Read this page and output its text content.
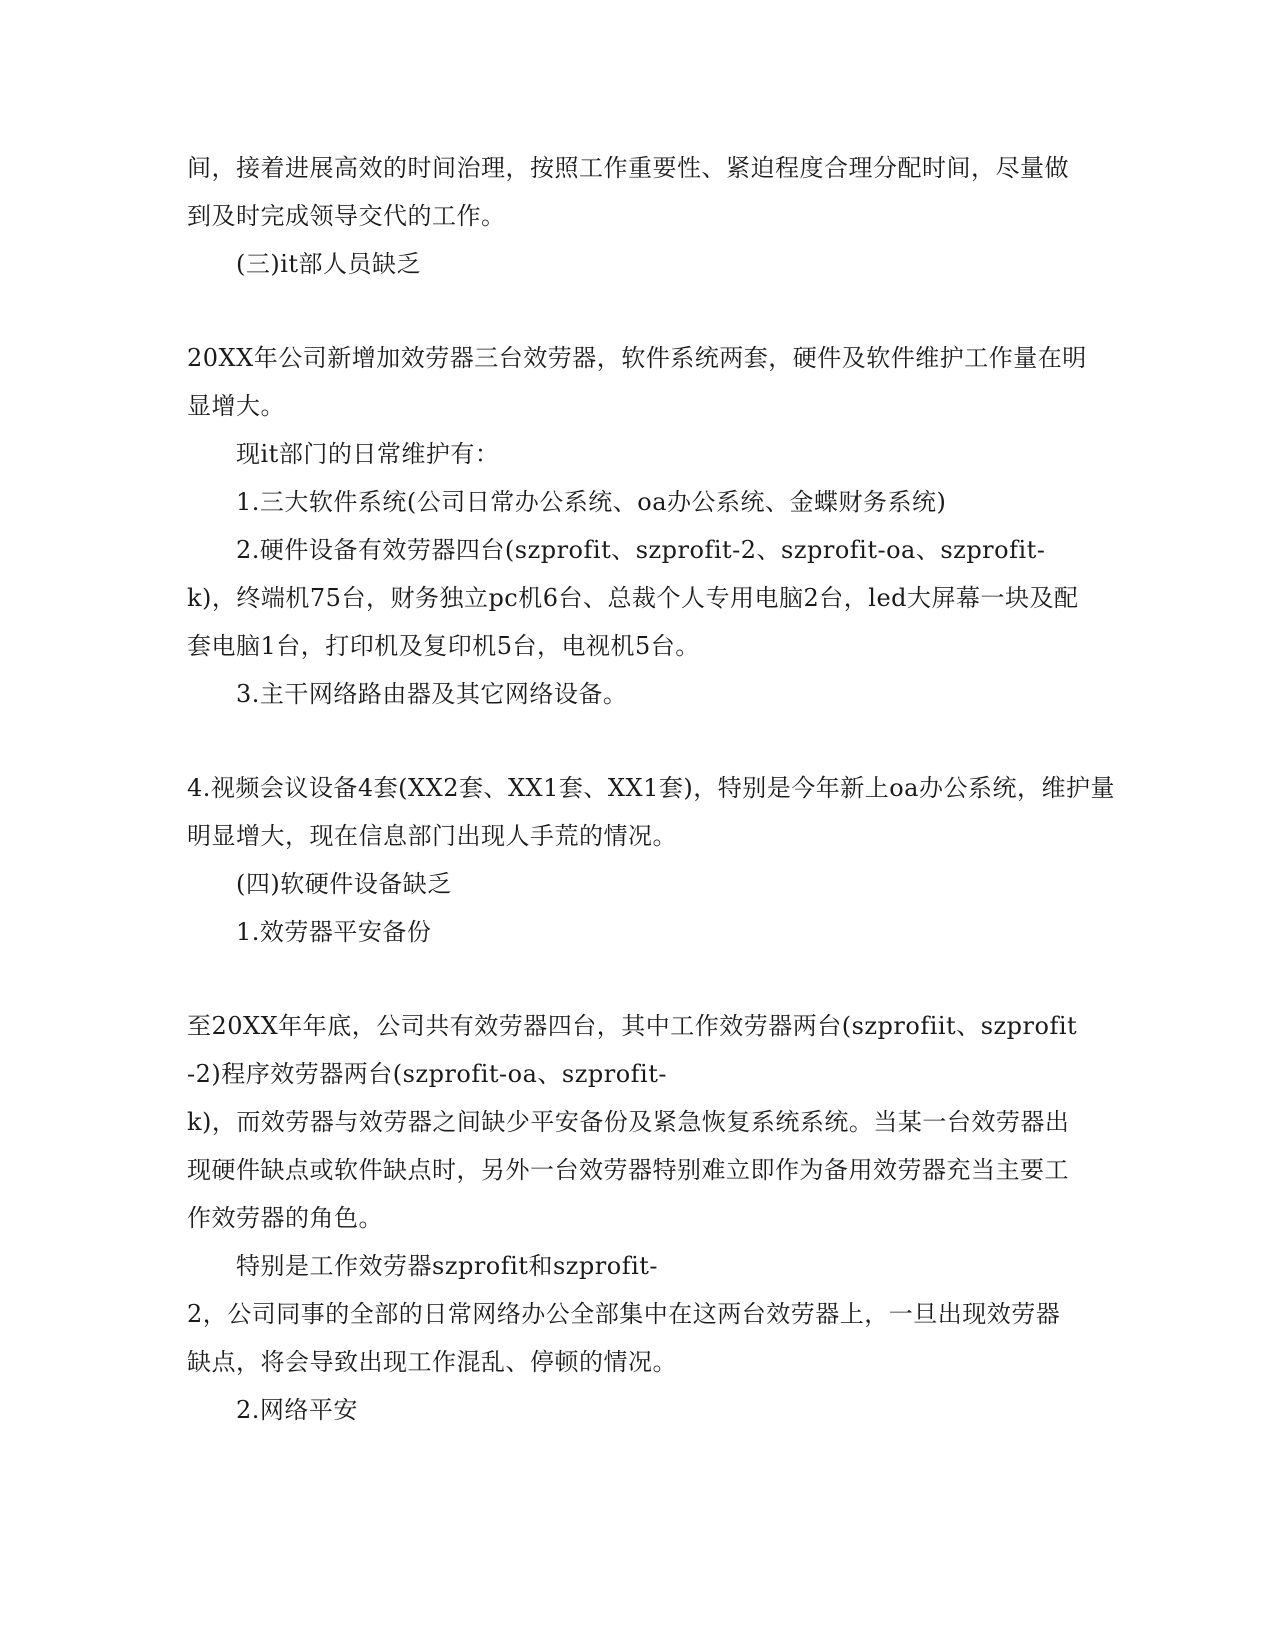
间，接着进展高效的时间治理，按照工作重要性、紧迫程度合理分配时间，尽量做
到及时完成领导交代的工作。
(三)it部人员缺乏
20XX年公司新增加效劳器三台效劳器，软件系统两套，硬件及软件维护工作量在明
显增大。
现it部门的日常维护有：
1.三大软件系统(公司日常办公系统、oa办公系统、金蝶财务系统)
2.硬件设备有效劳器四台(szprofit、szprofit-2、szprofit-oa、szprofit-
k)，终端机75台，财务独立pc机6台、总裁个人专用电脑2台，led大屏幕一块及配
套电脑1台，打印机及复印机5台，电视机5台。
3.主干网络路由器及其它网络设备。
4.视频会议设备4套(XX2套、XX1套、XX1套)，特别是今年新上oa办公系统，维护量
明显增大，现在信息部门出现人手荒的情况。
(四)软硬件设备缺乏
1.效劳器平安备份
至20XX年年底，公司共有效劳器四台，其中工作效劳器两台(szprofiit、szprofit
-2)程序效劳器两台(szprofit-oa、szprofit-
k)，而效劳器与效劳器之间缺少平安备份及紧急恢复系统系统。当某一台效劳器出
现硬件缺点或软件缺点时，另外一台效劳器特别难立即作为备用效劳器充当主要工
作效劳器的角色。
特别是工作效劳器szprofit和szprofit-
2，公司同事的全部的日常网络办公全部集中在这两台效劳器上，一旦出现效劳器
缺点，将会导致出现工作混乱、停顿的情况。
2.网络平安
